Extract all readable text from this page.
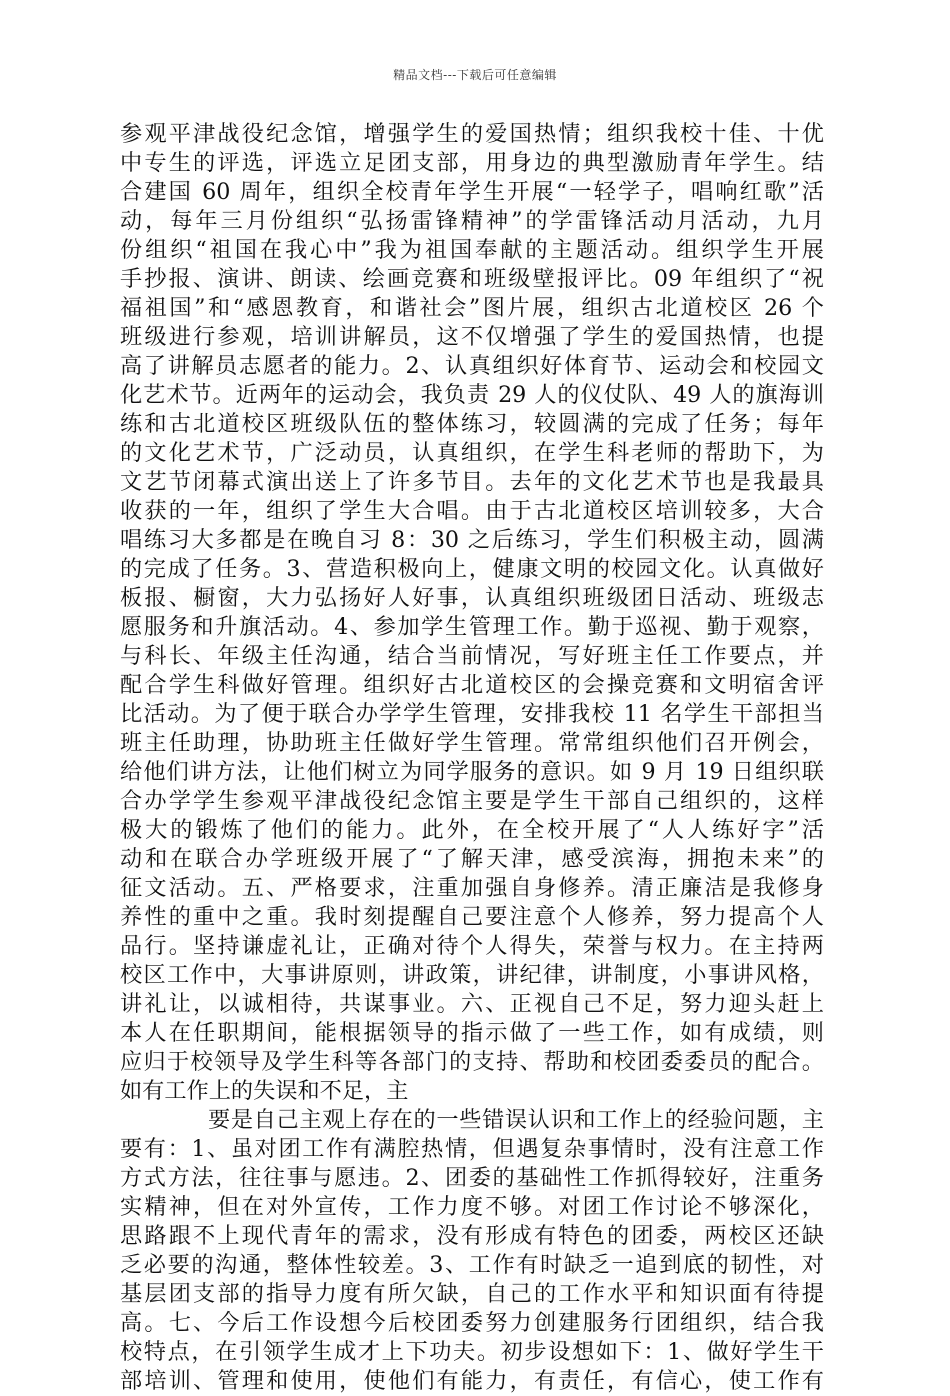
精品文档---下载后可任意编辑
参观平津战役纪念馆，增强学生的爱国热情；组织我校十佳、十优
中专生的评选，评选立足团支部，用身边的典型激励青年学生。结
合建国 60 周年，组织全校青年学生开展“一轻学子，唱响红歌”活
动，每年三月份组织“弘扬雷锋精神”的学雷锋活动月活动，九月
份组织“祖国在我心中”我为祖国奉献的主题活动。组织学生开展
手抄报、演讲、朗读、绘画竞赛和班级壁报评比。09 年组织了“祝
福祖国”和“感恩教育，和谐社会”图片展，组织古北道校区 26 个
班级进行参观，培训讲解员，这不仅增强了学生的爱国热情，也提
高了讲解员志愿者的能力。2、认真组织好体育节、运动会和校园文
化艺术节。近两年的运动会，我负责 29 人的仪仗队、49 人的旗海训
练和古北道校区班级队伍的整体练习，较圆满的完成了任务；每年
的文化艺术节，广泛动员，认真组织，在学生科老师的帮助下，为
文艺节闭幕式演出送上了许多节目。去年的文化艺术节也是我最具
收获的一年，组织了学生大合唱。由于古北道校区培训较多，大合
唱练习大多都是在晚自习 8：30 之后练习，学生们积极主动，圆满
的完成了任务。3、营造积极向上，健康文明的校园文化。认真做好
板报、橱窗，大力弘扬好人好事，认真组织班级团日活动、班级志
愿服务和升旗活动。4、参加学生管理工作。勤于巡视、勤于观察，
与科长、年级主任沟通，结合当前情况，写好班主任工作要点，并
配合学生科做好管理。组织好古北道校区的会操竞赛和文明宿舍评
比活动。为了便于联合办学学生管理，安排我校 11 名学生干部担当
班主任助理，协助班主任做好学生管理。常常组织他们召开例会，
给他们讲方法，让他们树立为同学服务的意识。如 9 月 19 日组织联
合办学学生参观平津战役纪念馆主要是学生干部自己组织的，这样
极大的锻炼了他们的能力。此外，在全校开展了“人人练好字”活
动和在联合办学班级开展了“了解天津，感受滨海，拥抱未来”的
征文活动。五、严格要求，注重加强自身修养。清正廉洁是我修身
养性的重中之重。我时刻提醒自己要注意个人修养，努力提高个人
品行。坚持谦虚礼让，正确对待个人得失，荣誉与权力。在主持两
校区工作中，大事讲原则，讲政策，讲纪律，讲制度，小事讲风格，
讲礼让，以诚相待，共谋事业。六、正视自己不足，努力迎头赶上
本人在任职期间，能根据领导的指示做了一些工作，如有成绩，则
应归于校领导及学生科等各部门的支持、帮助和校团委委员的配合。
如有工作上的失误和不足，主
要是自己主观上存在的一些错误认识和工作上的经验问题，主
要有：1、虽对团工作有满腔热情，但遇复杂事情时，没有注意工作
方式方法，往往事与愿违。2、团委的基础性工作抓得较好，注重务
实精神，但在对外宣传，工作力度不够。对团工作讨论不够深化，
思路跟不上现代青年的需求，没有形成有特色的团委，两校区还缺
乏必要的沟通，整体性较差。3、工作有时缺乏一追到底的韧性，对
基层团支部的指导力度有所欠缺，自己的工作水平和知识面有待提
高。七、今后工作设想今后校团委努力创建服务行团组织，结合我
校特点，在引领学生成才上下功夫。初步设想如下：1、做好学生干
部培训、管理和使用，使他们有能力，有责任，有信心，使工作有
